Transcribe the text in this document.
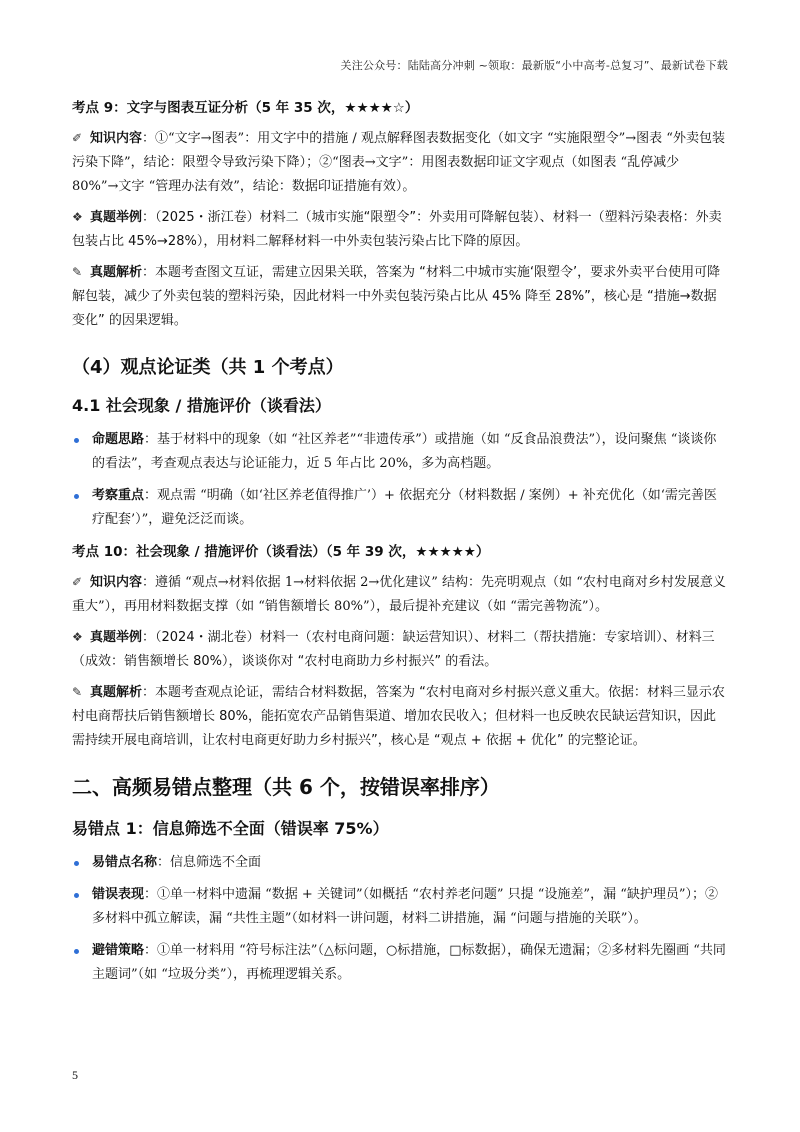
关注公众号：陆陆高分冲刺 ~领取：最新版“小中高考-总复习”、最新试卷下载
考点 9：文字与图表互证分析（5 年 35 次，★★★★☆）

✐ 知识内容：①“文字→图表”：用文字中的措施 / 观点解释图表数据变化（如文字 “实施限塑令”→图表 “外卖包装污染下降”，结论：限塑令导致污染下降）；②“图表→文字”：用图表数据印证文字观点（如图表 “乱停减少 80%”→文字 “管理办法有效”，结论：数据印证措施有效）。

❖ 真题举例：（2025・浙江卷）材料二（城市实施“限塑令”：外卖用可降解包装）、材料一（塑料污染表格：外卖包装占比 45%→28%），用材料二解释材料一中外卖包装污染占比下降的原因。

✎ 真题解析：本题考查图文互证，需建立因果关联，答案为 “材料二中城市实施‘限塑令’，要求外卖平台使用可降解包装，减少了外卖包装的塑料污染，因此材料一中外卖包装污染占比从 45% 降至 28%”，核心是 “措施→数据变化” 的因果逻辑。

（4）观点论证类（共 1 个考点）
4.1 社会现象 / 措施评价（谈看法）
命题思路：基于材料中的现象（如 “社区养老”“非遗传承”）或措施（如 “反食品浪费法”），设问聚焦 “谈谈你的看法”，考查观点表达与论证能力，近 5 年占比 20%，多为高档题。
考察重点：观点需 “明确（如‘社区养老值得推广’）+ 依据充分（材料数据 / 案例）+ 补充优化（如‘需完善医疗配套’）”，避免泛泛而谈。
考点 10：社会现象 / 措施评价（谈看法）（5 年 39 次，★★★★★）

✐ 知识内容：遵循 “观点→材料依据 1→材料依据 2→优化建议” 结构：先亮明观点（如 “农村电商对乡村发展意义重大”），再用材料数据支撑（如 “销售额增长 80%”），最后提补充建议（如 “需完善物流”）。

❖ 真题举例：（2024・湖北卷）材料一（农村电商问题：缺运营知识）、材料二（帮扶措施：专家培训）、材料三（成效：销售额增长 80%），谈谈你对 “农村电商助力乡村振兴” 的看法。

✎ 真题解析：本题考查观点论证，需结合材料数据，答案为 “农村电商对乡村振兴意义重大。依据：材料三显示农村电商帮扶后销售额增长 80%，能拓宽农产品销售渠道、增加农民收入；但材料一也反映农民缺运营知识，因此需持续开展电商培训，让农村电商更好助力乡村振兴”，核心是 “观点 + 依据 + 优化” 的完整论证。

二、高频易错点整理（共 6 个，按错误率排序）
易错点 1：信息筛选不全面（错误率 75%）
易错点名称：信息筛选不全面
错误表现：①单一材料中遗漏 “数据 + 关键词”（如概括 “农村养老问题” 只提 “设施差”，漏 “缺护理员”）；②多材料中孤立解读，漏 “共性主题”（如材料一讲问题，材料二讲措施，漏 “问题与措施的关联”）。
避错策略：①单一材料用 “符号标注法”（△标问题，○标措施，□标数据），确保无遗漏；②多材料先圈画 “共同主题词”（如 “垃圾分类”），再梳理逻辑关系。
5
